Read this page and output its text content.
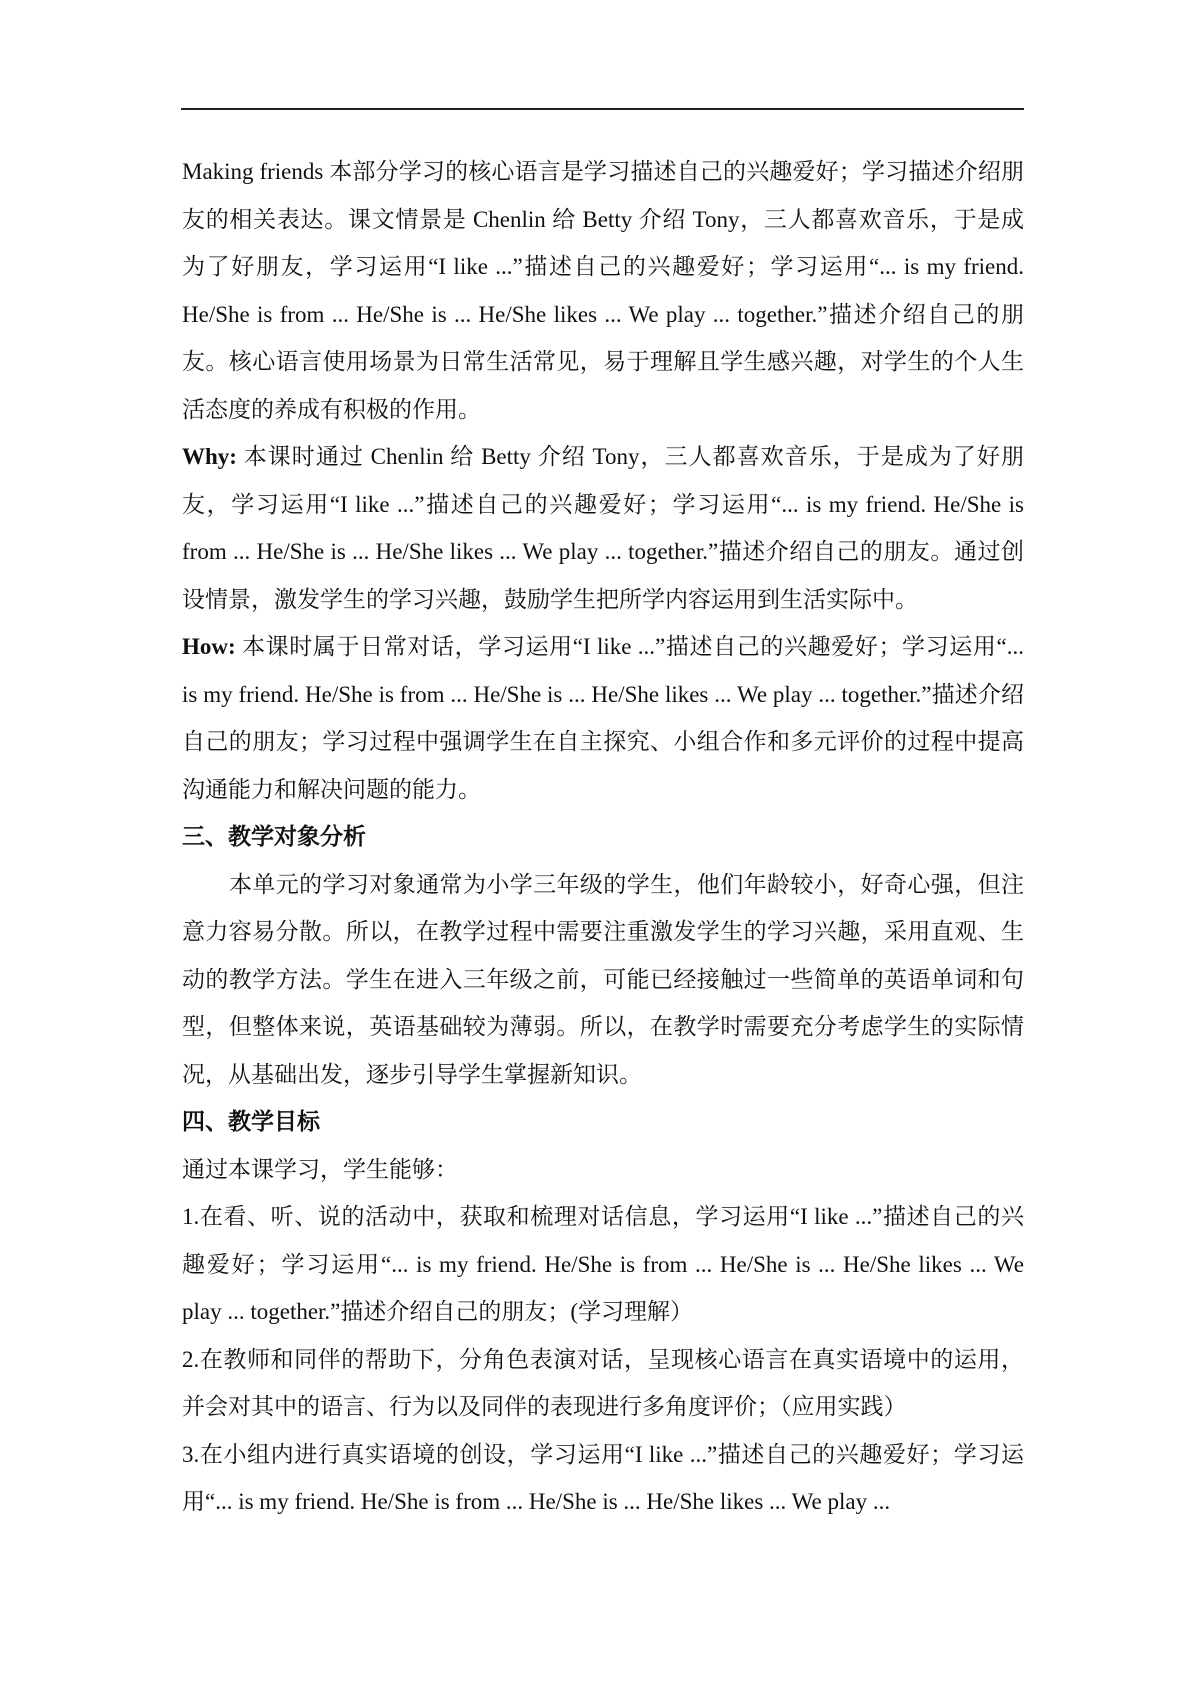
Making friends 本部分学习的核心语言是学习描述自己的兴趣爱好；学习描述介绍朋友的相关表达。课文情景是 Chenlin 给 Betty 介绍 Tony，三人都喜欢音乐，于是成为了好朋友，学习运用“I like ...”描述自己的兴趣爱好；学习运用“... is my friend. He/She is from ... He/She is ... He/She likes ... We play ... together.”描述介绍自己的朋友。核心语言使用场景为日常生活常见，易于理解且学生感兴趣，对学生的个人生活态度的养成有积极的作用。

Why: 本课时通过 Chenlin 给 Betty 介绍 Tony，三人都喜欢音乐，于是成为了好朋友，学习运用“I like ...”描述自己的兴趣爱好；学习运用“... is my friend. He/She is from ... He/She is ... He/She likes ... We play ... together.”描述介绍自己的朋友。通过创设情景，激发学生的学习兴趣，鼓励学生把所学内容运用到生活实际中。

How: 本课时属于日常对话，学习运用“I like ...”描述自己的兴趣爱好；学习运用“... is my friend. He/She is from ... He/She is ... He/She likes ... We play ... together.”描述介绍自己的朋友；学习过程中强调学生在自主探究、小组合作和多元评价的过程中提高沟通能力和解决问题的能力。

三、教学对象分析

本单元的学习对象通常为小学三年级的学生，他们年龄较小，好奇心强，但注意力容易分散。所以，在教学过程中需要注重激发学生的学习兴趣，采用直观、生动的教学方法。学生在进入三年级之前，可能已经接触过一些简单的英语单词和句型，但整体来说，英语基础较为薄弱。所以，在教学时需要充分考虑学生的实际情况，从基础出发，逐步引导学生掌握新知识。

四、教学目标

通过本课学习，学生能够：

1.在看、听、说的活动中，获取和梳理对话信息，学习运用“I like ...”描述自己的兴趣爱好；学习运用“... is my friend. He/She is from ... He/She is ... He/She likes ... We play ... together.”描述介绍自己的朋友；(学习理解）

2.在教师和同伴的帮助下，分角色表演对话，呈现核心语言在真实语境中的运用，并会对其中的语言、行为以及同伴的表现进行多角度评价；（应用实践）

3.在小组内进行真实语境的创设，学习运用“I like ...”描述自己的兴趣爱好；学习运用“... is my friend. He/She is from ... He/She is ... He/She likes ... We play ...
